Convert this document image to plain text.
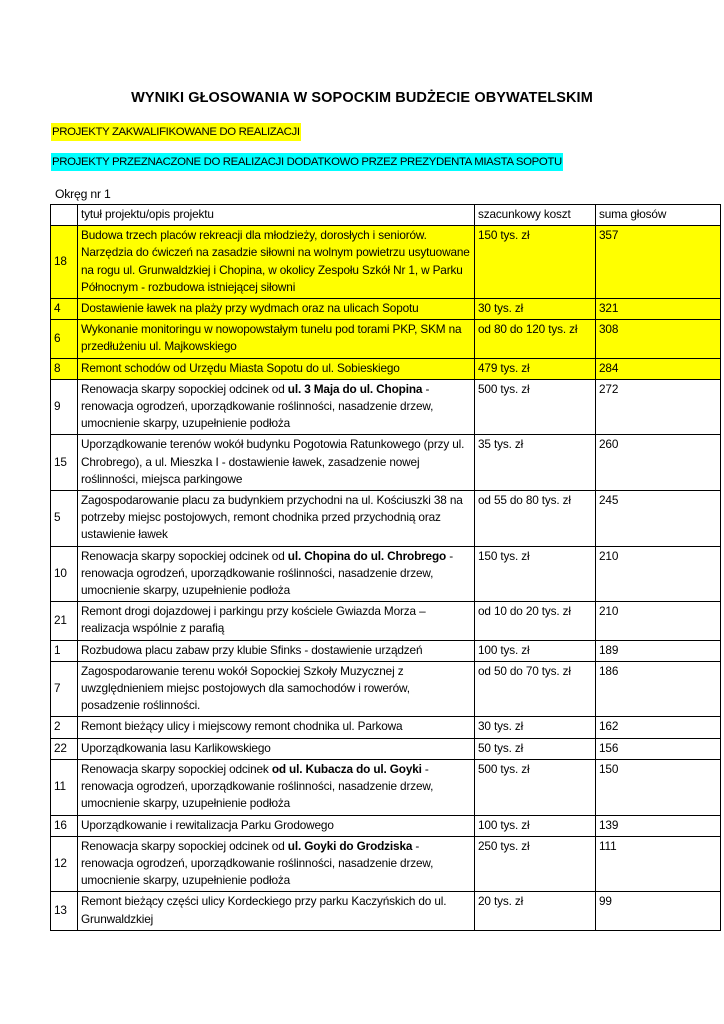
WYNIKI GŁOSOWANIA W SOPOCKIM BUDŻECIE OBYWATELSKIM
PROJEKTY ZAKWALIFIKOWANE DO REALIZACJI
PROJEKTY PRZEZNACZONE DO REALIZACJI DODATKOWO PRZEZ PREZYDENTA MIASTA SOPOTU
Okręg nr 1
	tytuł projektu/opis projektu	szacunkowy koszt	suma głosów
18	Budowa trzech placów rekreacji dla młodzieży, dorosłych i seniorów. Narzędzia do ćwiczeń na zasadzie siłowni na wolnym powietrzu usytuowane na rogu ul. Grunwaldzkiej i Chopina, w okolicy Zespołu Szkół Nr 1, w Parku Północnym - rozbudowa istniejącej siłowni	150 tys. zł	357
4	Dostawienie ławek na plaży przy wydmach oraz na ulicach Sopotu	30 tys. zł	321
6	Wykonanie monitoringu w nowopowstałym tunelu pod torami PKP, SKM na przedłużeniu ul. Majkowskiego	od 80 do 120 tys. zł	308
8	Remont schodów od Urzędu Miasta Sopotu do ul. Sobieskiego	479 tys. zł	284
9	Renowacja skarpy sopockiej odcinek od ul. 3 Maja do ul. Chopina - renowacja ogrodzeń, uporządkowanie roślinności, nasadzenie drzew, umocnienie skarpy, uzupełnienie podłoża	500 tys. zł	272
15	Uporządkowanie terenów wokół budynku Pogotowia Ratunkowego (przy ul. Chrobrego), a ul. Mieszka I - dostawienie ławek, zasadzenie nowej roślinności, miejsca parkingowe	35 tys. zł	260
5	Zagospodarowanie placu za budynkiem przychodni na ul. Kościuszki 38 na potrzeby miejsc postojowych, remont chodnika przed przychodnią oraz ustawienie ławek	od 55 do 80 tys. zł	245
10	Renowacja skarpy sopockiej odcinek od ul. Chopina do ul. Chrobrego - renowacja ogrodzeń, uporządkowanie roślinności, nasadzenie drzew, umocnienie skarpy, uzupełnienie podłoża	150 tys. zł	210
21	Remont drogi dojazdowej i parkingu przy kościele Gwiazda Morza – realizacja wspólnie z parafią	od 10 do 20 tys. zł	210
1	Rozbudowa placu zabaw przy klubie Sfinks - dostawienie urządzeń	100 tys. zł	189
7	Zagospodarowanie terenu wokół Sopockiej Szkoły Muzycznej z uwzględnieniem miejsc postojowych dla samochodów i rowerów, posadzenie roślinności.	od 50 do 70 tys. zł	186
2	Remont bieżący ulicy i miejscowy remont chodnika ul. Parkowa	30 tys. zł	162
22	Uporządkowania lasu Karlikowskiego	50 tys. zł	156
11	Renowacja skarpy sopockiej odcinek od ul. Kubacza do ul. Goyki - renowacja ogrodzeń, uporządkowanie roślinności, nasadzenie drzew, umocnienie skarpy, uzupełnienie podłoża	500 tys. zł	150
16	Uporządkowanie i rewitalizacja Parku Grodowego	100 tys. zł	139
12	Renowacja skarpy sopockiej odcinek od ul. Goyki do Grodziska - renowacja ogrodzeń, uporządkowanie roślinności, nasadzenie drzew, umocnienie skarpy, uzupełnienie podłoża	250 tys. zł	111
13	Remont bieżący części ulicy Kordeckiego przy parku Kaczyńskich do ul. Grunwaldzkiej	20 tys. zł	99
